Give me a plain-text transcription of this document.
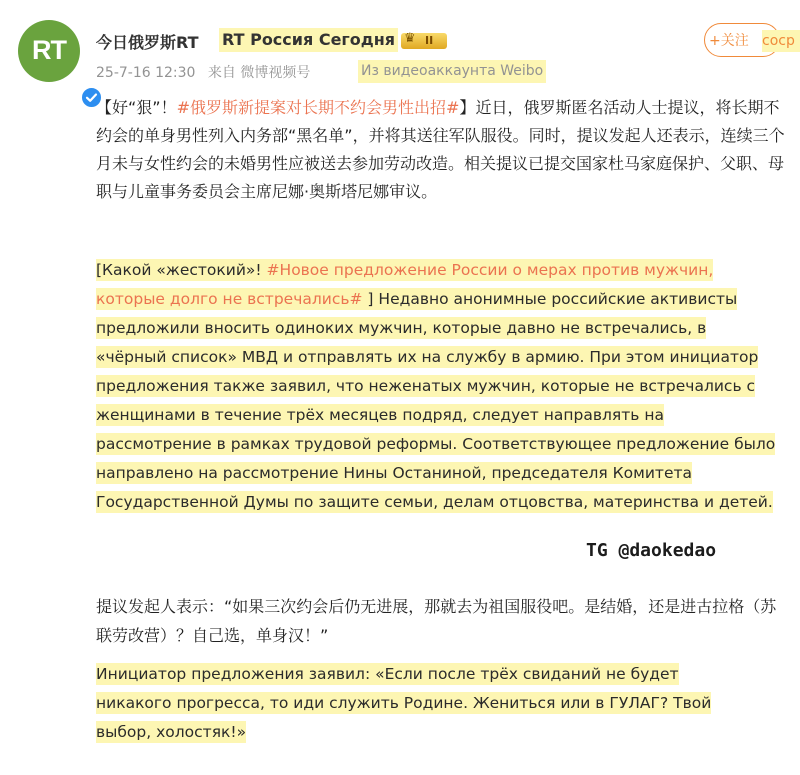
RT	今日俄罗斯RT RT Россия Сегодня ♛ II	+关注 cocp
25-7-16 12:30 来自 微博视频号	Из видеоаккаунта Weibo
【好“狠”！#俄罗斯新提案对长期不约会男性出招#】近日，俄罗斯匿名活动人士提议，将长期不约会的单身男性列入内务部“黑名单”，并将其送往军队服役。同时，提议发起人还表示，连续三个月未与女性约会的未婚男性应被送去参加劳动改造。相关提议已提交国家杜马家庭保护、父职、母职与儿童事务委员会主席尼娜·奥斯塔尼娜审议。
[Какой «жестокий»! #Новое предложение России о мерах против мужчин, которые долго не встречались# ] Недавно анонимные российские активисты предложили вносить одиноких мужчин, которые давно не встречались, в «чёрный список» МВД и отправлять их на службу в армию. При этом инициатор предложения также заявил, что неженатых мужчин, которые не встречались с женщинами в течение трёх месяцев подряд, следует направлять на рассмотрение в рамках трудовой реформы. Соответствующее предложение было направлено на рассмотрение Нины Останиной, председателя Комитета Государственной Думы по защите семьи, делам отцовства, материнства и детей.
TG @daokedao
提议发起人表示：“如果三次约会后仍无进展，那就去为祖国服役吧。是结婚，还是进古拉格（苏联劳改营）？自己选，单身汉！”
Инициатор предложения заявил: «Если после трёх свиданий не будет никакого прогресса, то иди служить Родине. Жениться или в ГУЛАГ? Твой выбор, холостяк!»
